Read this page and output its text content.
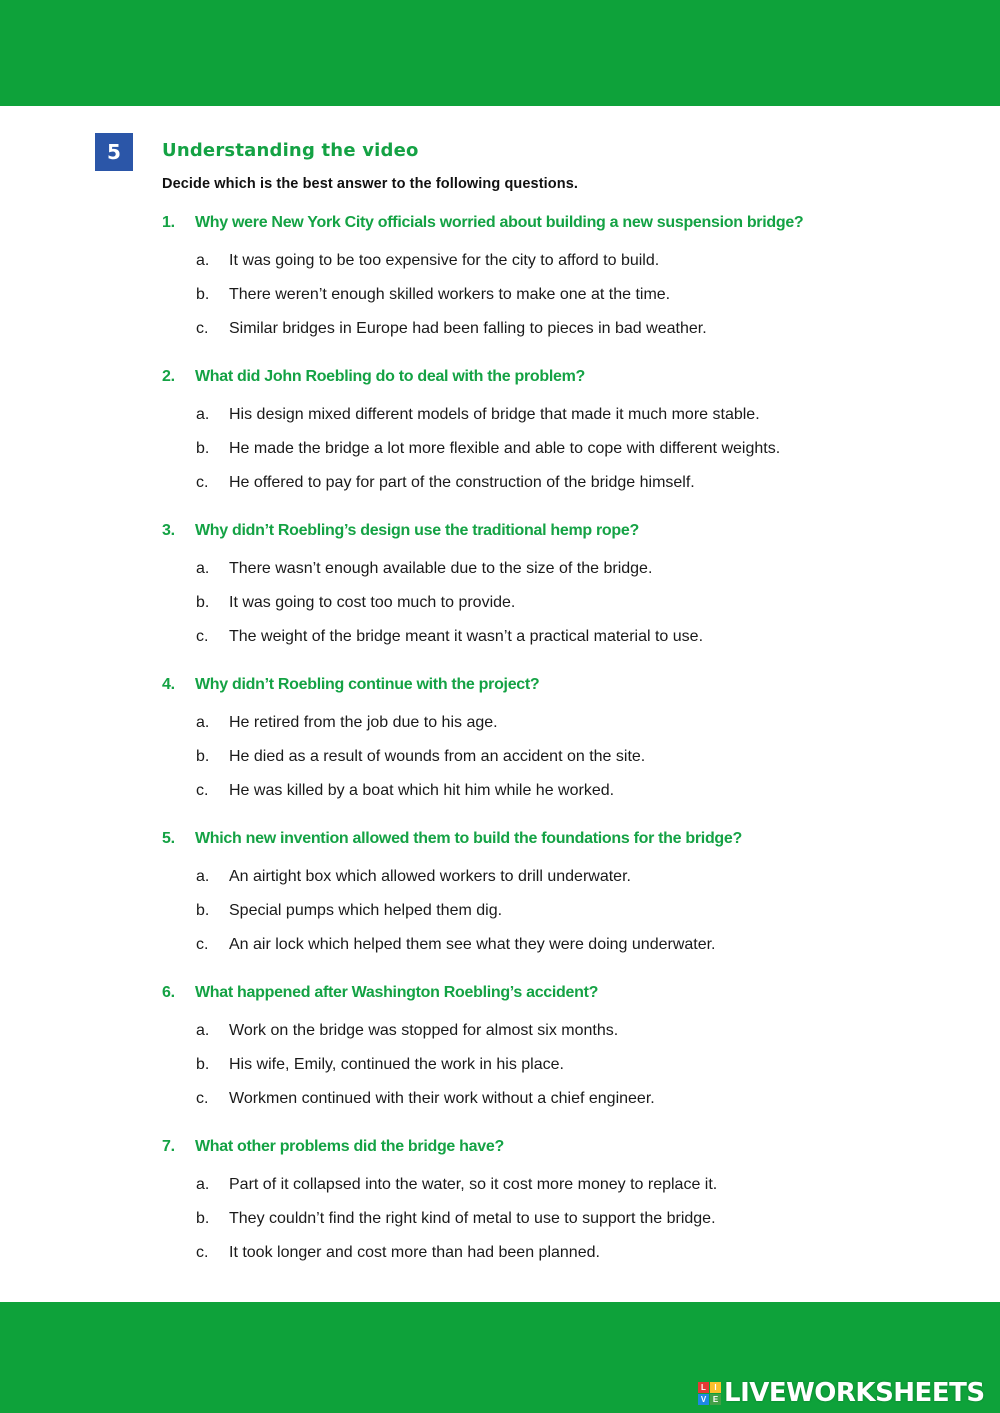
5	Understanding the video
Decide which is the best answer to the following questions.
1. Why were New York City officials worried about building a new suspension bridge?
a. It was going to be too expensive for the city to afford to build.
b. There weren’t enough skilled workers to make one at the time.
c. Similar bridges in Europe had been falling to pieces in bad weather.
2. What did John Roebling do to deal with the problem?
a. His design mixed different models of bridge that made it much more stable.
b. He made the bridge a lot more flexible and able to cope with different weights.
c. He offered to pay for part of the construction of the bridge himself.
3. Why didn’t Roebling’s design use the traditional hemp rope?
a. There wasn’t enough available due to the size of the bridge.
b. It was going to cost too much to provide.
c. The weight of the bridge meant it wasn’t a practical material to use.
4. Why didn’t Roebling continue with the project?
a. He retired from the job due to his age.
b. He died as a result of wounds from an accident on the site.
c. He was killed by a boat which hit him while he worked.
5. Which new invention allowed them to build the foundations for the bridge?
a. An airtight box which allowed workers to drill underwater.
b. Special pumps which helped them dig.
c. An air lock which helped them see what they were doing underwater.
6. What happened after Washington Roebling’s accident?
a. Work on the bridge was stopped for almost six months.
b. His wife, Emily, continued the work in his place.
c. Workmen continued with their work without a chief engineer.
7. What other problems did the bridge have?
a. Part of it collapsed into the water, so it cost more money to replace it.
b. They couldn’t find the right kind of metal to use to support the bridge.
c. It took longer and cost more than had been planned.
L	I
V E LIVEWORKSHEETS
